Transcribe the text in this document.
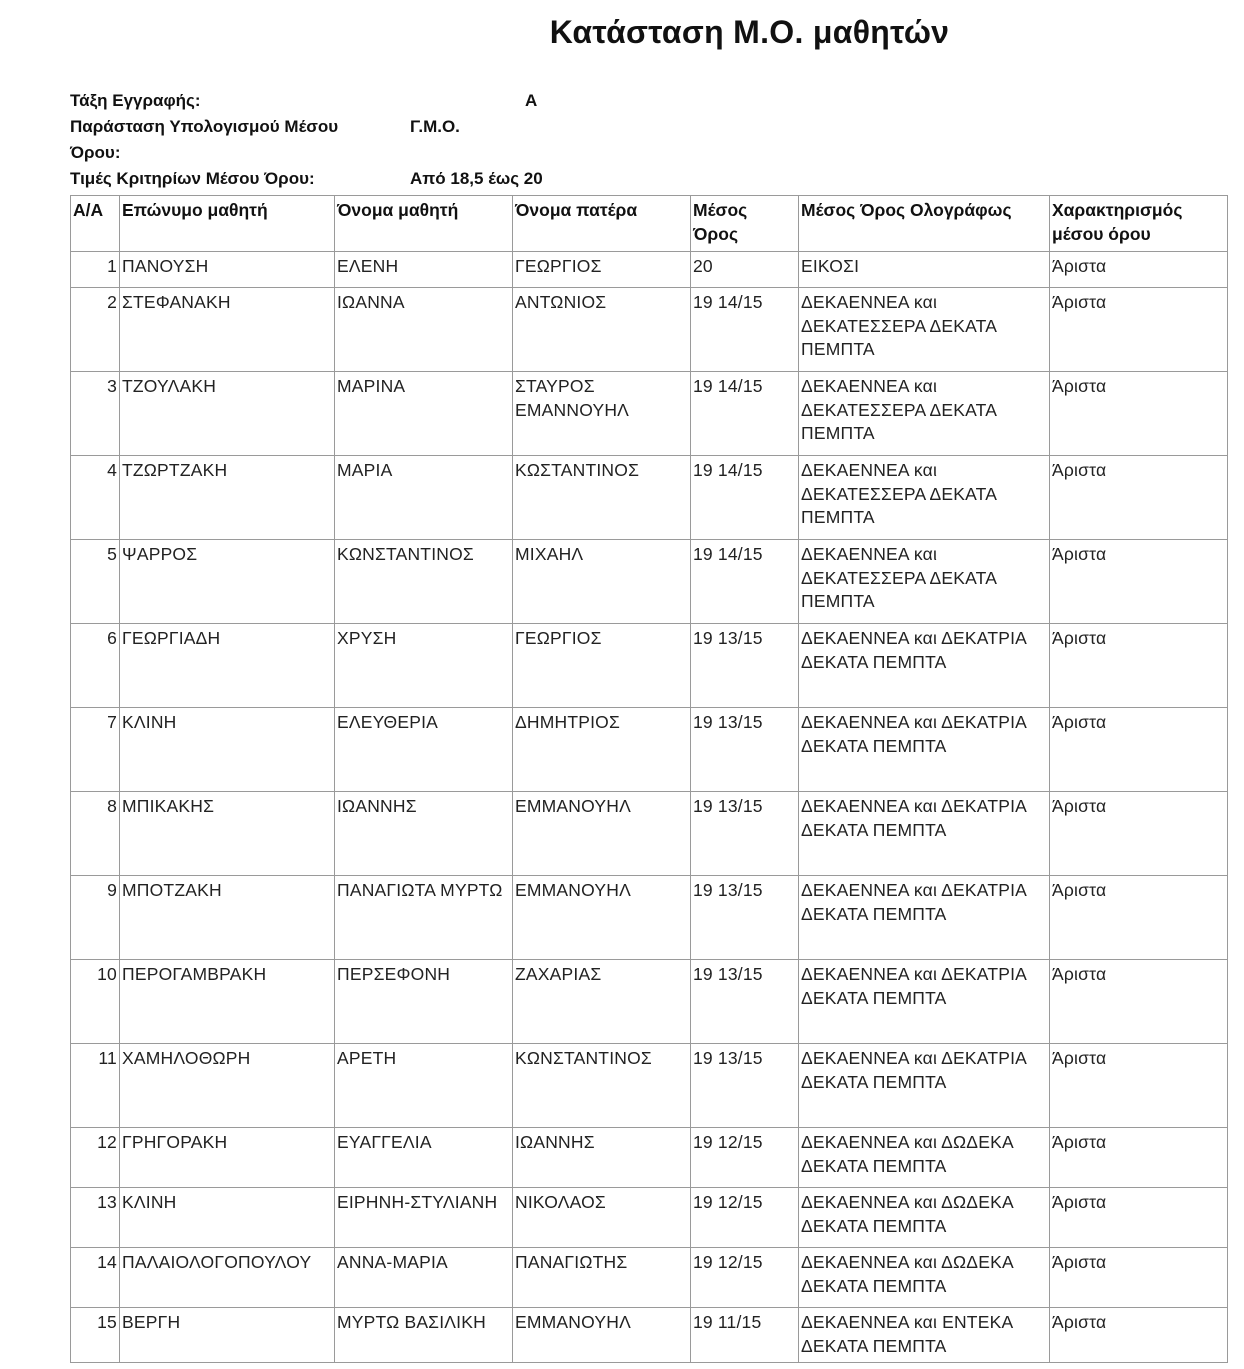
Κατάσταση Μ.Ο. μαθητών
Τάξη Εγγραφής:	Α
Παράσταση Υπολογισμού Μέσου
Όρου:
Γ.Μ.Ο.
Τιμές Κριτηρίων Μέσου Όρου:	Από 18,5 έως 20
Α/Α	Επώνυμο μαθητή	Όνομα μαθητή	Όνομα πατέρα	Μέσος Όρος	Μέσος Όρος Ολογράφως	Χαρακτηρισμός μέσου όρου
1	ΠΑΝΟΥΣΗ	ΕΛΕΝΗ	ΓΕΩΡΓΙΟΣ	20	ΕΙΚΟΣΙ	Άριστα
2	ΣΤΕΦΑΝΑΚΗ	ΙΩΑΝΝΑ	ΑΝΤΩΝΙΟΣ	19 14/15	ΔΕΚΑΕΝΝΕΑ και ΔΕΚΑΤΕΣΣΕΡΑ ΔΕΚΑΤΑ ΠΕΜΠΤΑ	Άριστα
3	ΤΖΟΥΛΑΚΗ	ΜΑΡΙΝΑ	ΣΤΑΥΡΟΣ ΕΜΑΝΝΟΥΗΛ	19 14/15	ΔΕΚΑΕΝΝΕΑ και ΔΕΚΑΤΕΣΣΕΡΑ ΔΕΚΑΤΑ ΠΕΜΠΤΑ	Άριστα
4	ΤΖΩΡΤΖΑΚΗ	ΜΑΡΙΑ	ΚΩΣΤΑΝΤΙΝΟΣ	19 14/15	ΔΕΚΑΕΝΝΕΑ και ΔΕΚΑΤΕΣΣΕΡΑ ΔΕΚΑΤΑ ΠΕΜΠΤΑ	Άριστα
5	ΨΑΡΡΟΣ	ΚΩΝΣΤΑΝΤΙΝΟΣ	ΜΙΧΑΗΛ	19 14/15	ΔΕΚΑΕΝΝΕΑ και ΔΕΚΑΤΕΣΣΕΡΑ ΔΕΚΑΤΑ ΠΕΜΠΤΑ	Άριστα
6	ΓΕΩΡΓΙΑΔΗ	ΧΡΥΣΗ	ΓΕΩΡΓΙΟΣ	19 13/15	ΔΕΚΑΕΝΝΕΑ και ΔΕΚΑΤΡΙΑ ΔΕΚΑΤΑ ΠΕΜΠΤΑ	Άριστα
7	ΚΛΙΝΗ	ΕΛΕΥΘΕΡΙΑ	ΔΗΜΗΤΡΙΟΣ	19 13/15	ΔΕΚΑΕΝΝΕΑ και ΔΕΚΑΤΡΙΑ ΔΕΚΑΤΑ ΠΕΜΠΤΑ	Άριστα
8	ΜΠΙΚΑΚΗΣ	ΙΩΑΝΝΗΣ	ΕΜΜΑΝΟΥΗΛ	19 13/15	ΔΕΚΑΕΝΝΕΑ και ΔΕΚΑΤΡΙΑ ΔΕΚΑΤΑ ΠΕΜΠΤΑ	Άριστα
9	ΜΠΟΤΖΑΚΗ	ΠΑΝΑΓΙΩΤΑ ΜΥΡΤΩ	ΕΜΜΑΝΟΥΗΛ	19 13/15	ΔΕΚΑΕΝΝΕΑ και ΔΕΚΑΤΡΙΑ ΔΕΚΑΤΑ ΠΕΜΠΤΑ	Άριστα
10	ΠΕΡΟΓΑΜΒΡΑΚΗ	ΠΕΡΣΕΦΟΝΗ	ΖΑΧΑΡΙΑΣ	19 13/15	ΔΕΚΑΕΝΝΕΑ και ΔΕΚΑΤΡΙΑ ΔΕΚΑΤΑ ΠΕΜΠΤΑ	Άριστα
11	ΧΑΜΗΛΟΘΩΡΗ	ΑΡΕΤΗ	ΚΩΝΣΤΑΝΤΙΝΟΣ	19 13/15	ΔΕΚΑΕΝΝΕΑ και ΔΕΚΑΤΡΙΑ ΔΕΚΑΤΑ ΠΕΜΠΤΑ	Άριστα
12	ΓΡΗΓΟΡΑΚΗ	ΕΥΑΓΓΕΛΙΑ	ΙΩΑΝΝΗΣ	19 12/15	ΔΕΚΑΕΝΝΕΑ και ΔΩΔΕΚΑ ΔΕΚΑΤΑ ΠΕΜΠΤΑ	Άριστα
13	ΚΛΙΝΗ	ΕΙΡΗΝΗ-ΣΤΥΛΙΑΝΗ	ΝΙΚΟΛΑΟΣ	19 12/15	ΔΕΚΑΕΝΝΕΑ και ΔΩΔΕΚΑ ΔΕΚΑΤΑ ΠΕΜΠΤΑ	Άριστα
14	ΠΑΛΑΙΟΛΟΓΟΠΟΥΛΟΥ	ΑΝΝΑ-ΜΑΡΙΑ	ΠΑΝΑΓΙΩΤΗΣ	19 12/15	ΔΕΚΑΕΝΝΕΑ και ΔΩΔΕΚΑ ΔΕΚΑΤΑ ΠΕΜΠΤΑ	Άριστα
15	ΒΕΡΓΗ	ΜΥΡΤΩ ΒΑΣΙΛΙΚΗ	ΕΜΜΑΝΟΥΗΛ	19 11/15	ΔΕΚΑΕΝΝΕΑ και ΕΝΤΕΚΑ ΔΕΚΑΤΑ ΠΕΜΠΤΑ	Άριστα
